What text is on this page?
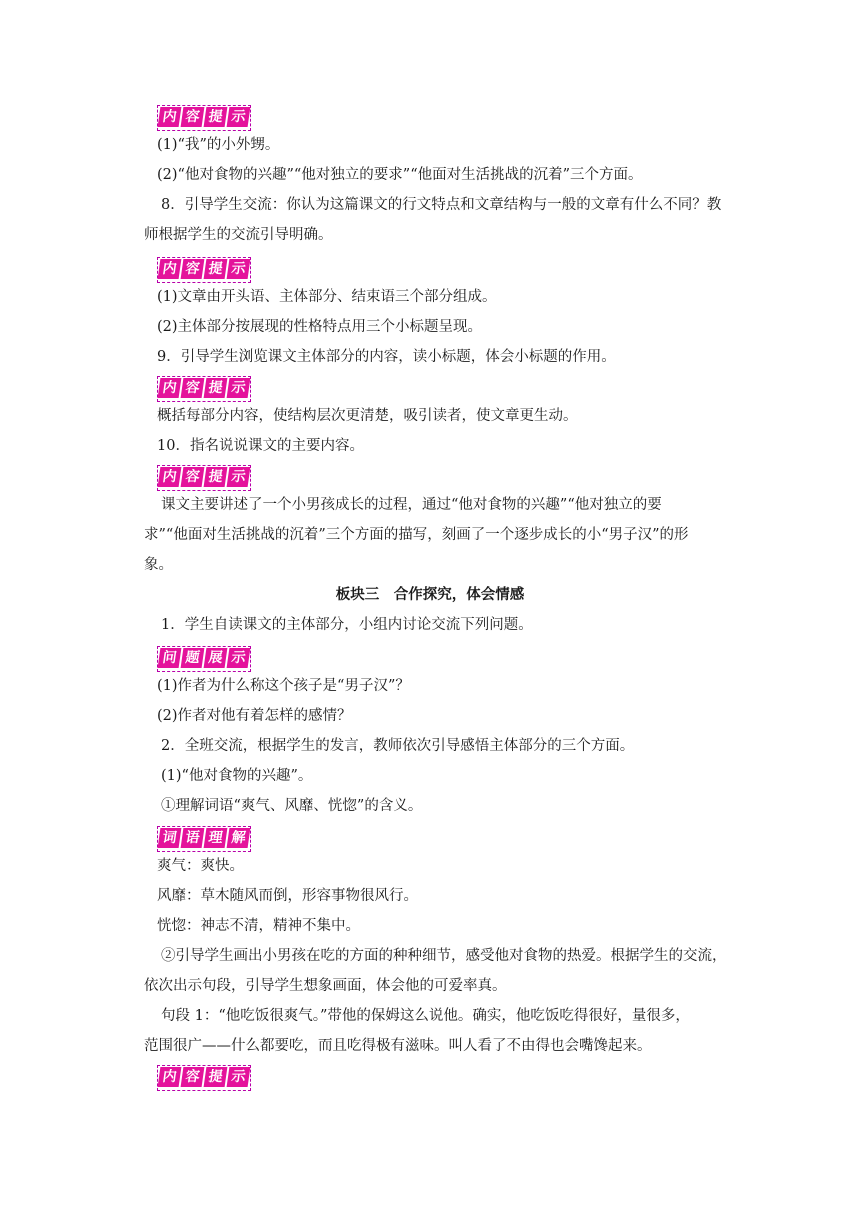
内 容 提 示

(1)“我”的小外甥。

(2)“他对食物的兴趣”“他对独立的要求”“他面对生活挑战的沉着”三个方面。

8．引导学生交流：你认为这篇课文的行文特点和文章结构与一般的文章有什么不同？教

师根据学生的交流引导明确。

内 容 提 示

(1)文章由开头语、主体部分、结束语三个部分组成。

(2)主体部分按展现的性格特点用三个小标题呈现。

9．引导学生浏览课文主体部分的内容，读小标题，体会小标题的作用。

内 容 提 示

概括每部分内容，使结构层次更清楚，吸引读者，使文章更生动。

10．指名说说课文的主要内容。

内 容 提 示

课文主要讲述了一个小男孩成长的过程，通过“他对食物的兴趣”“他对独立的要

求”“他面对生活挑战的沉着”三个方面的描写，刻画了一个逐步成长的小“男子汉”的形

象。

板块三　合作探究，体会情感

1．学生自读课文的主体部分，小组内讨论交流下列问题。

问 题 展 示

(1)作者为什么称这个孩子是“男子汉”？

(2)作者对他有着怎样的感情？

2．全班交流，根据学生的发言，教师依次引导感悟主体部分的三个方面。

(1)“他对食物的兴趣”。

①理解词语“爽气、风靡、恍惚”的含义。

词 语 理 解

爽气：爽快。

风靡：草木随风而倒，形容事物很风行。

恍惚：神志不清，精神不集中。

②引导学生画出小男孩在吃的方面的种种细节，感受他对食物的热爱。根据学生的交流，

依次出示句段，引导学生想象画面，体会他的可爱率真。

句段 1：“他吃饭很爽气。”带他的保姆这么说他。确实，他吃饭吃得很好，量很多，

范围很广——什么都要吃，而且吃得极有滋味。叫人看了不由得也会嘴馋起来。

内 容 提 示
